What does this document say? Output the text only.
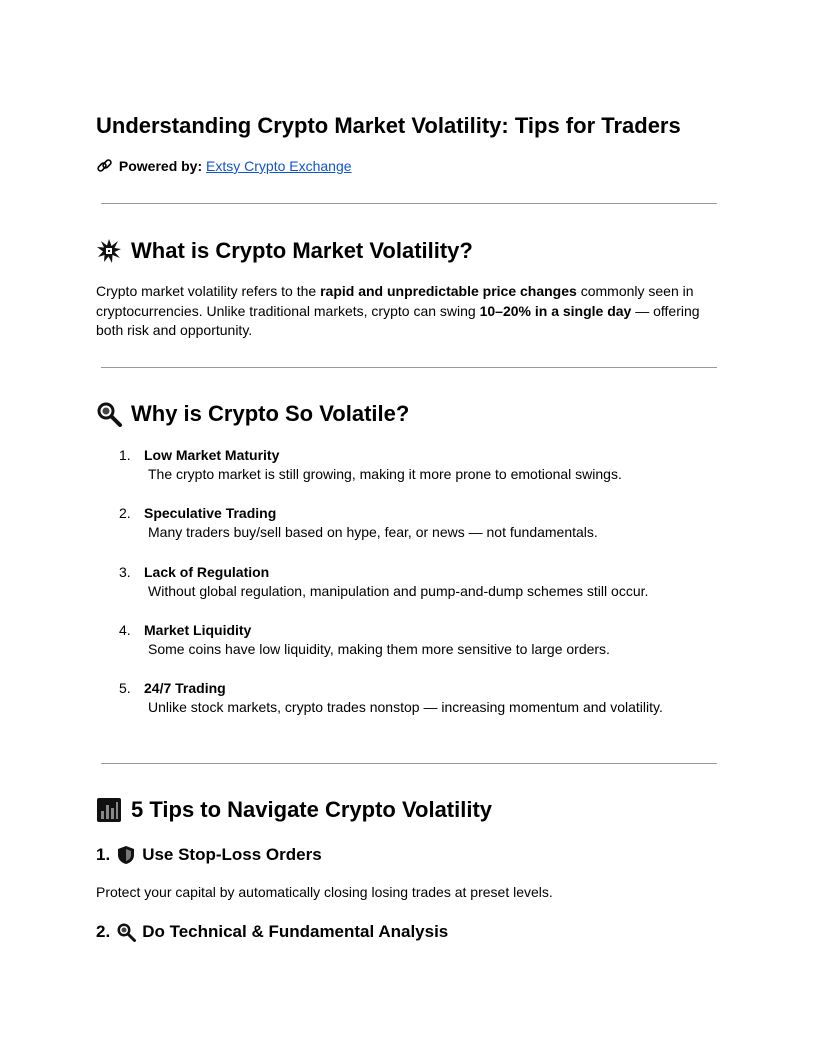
Understanding Crypto Market Volatility: Tips for Traders
Powered by: Extsy Crypto Exchange
What is Crypto Market Volatility?

Crypto market volatility refers to the rapid and unpredictable price changes commonly seen in cryptocurrencies. Unlike traditional markets, crypto can swing 10–20% in a single day — offering both risk and opportunity.

Why is Crypto So Volatile?
1. Low Market Maturity
The crypto market is still growing, making it more prone to emotional swings.
2. Speculative Trading
Many traders buy/sell based on hype, fear, or news — not fundamentals.
3. Lack of Regulation
Without global regulation, manipulation and pump-and-dump schemes still occur.
4. Market Liquidity
Some coins have low liquidity, making them more sensitive to large orders.
5. 24/7 Trading
Unlike stock markets, crypto trades nonstop — increasing momentum and volatility.
5 Tips to Navigate Crypto Volatility
1. Use Stop-Loss Orders

Protect your capital by automatically closing losing trades at preset levels.

2. Do Technical & Fundamental Analysis
